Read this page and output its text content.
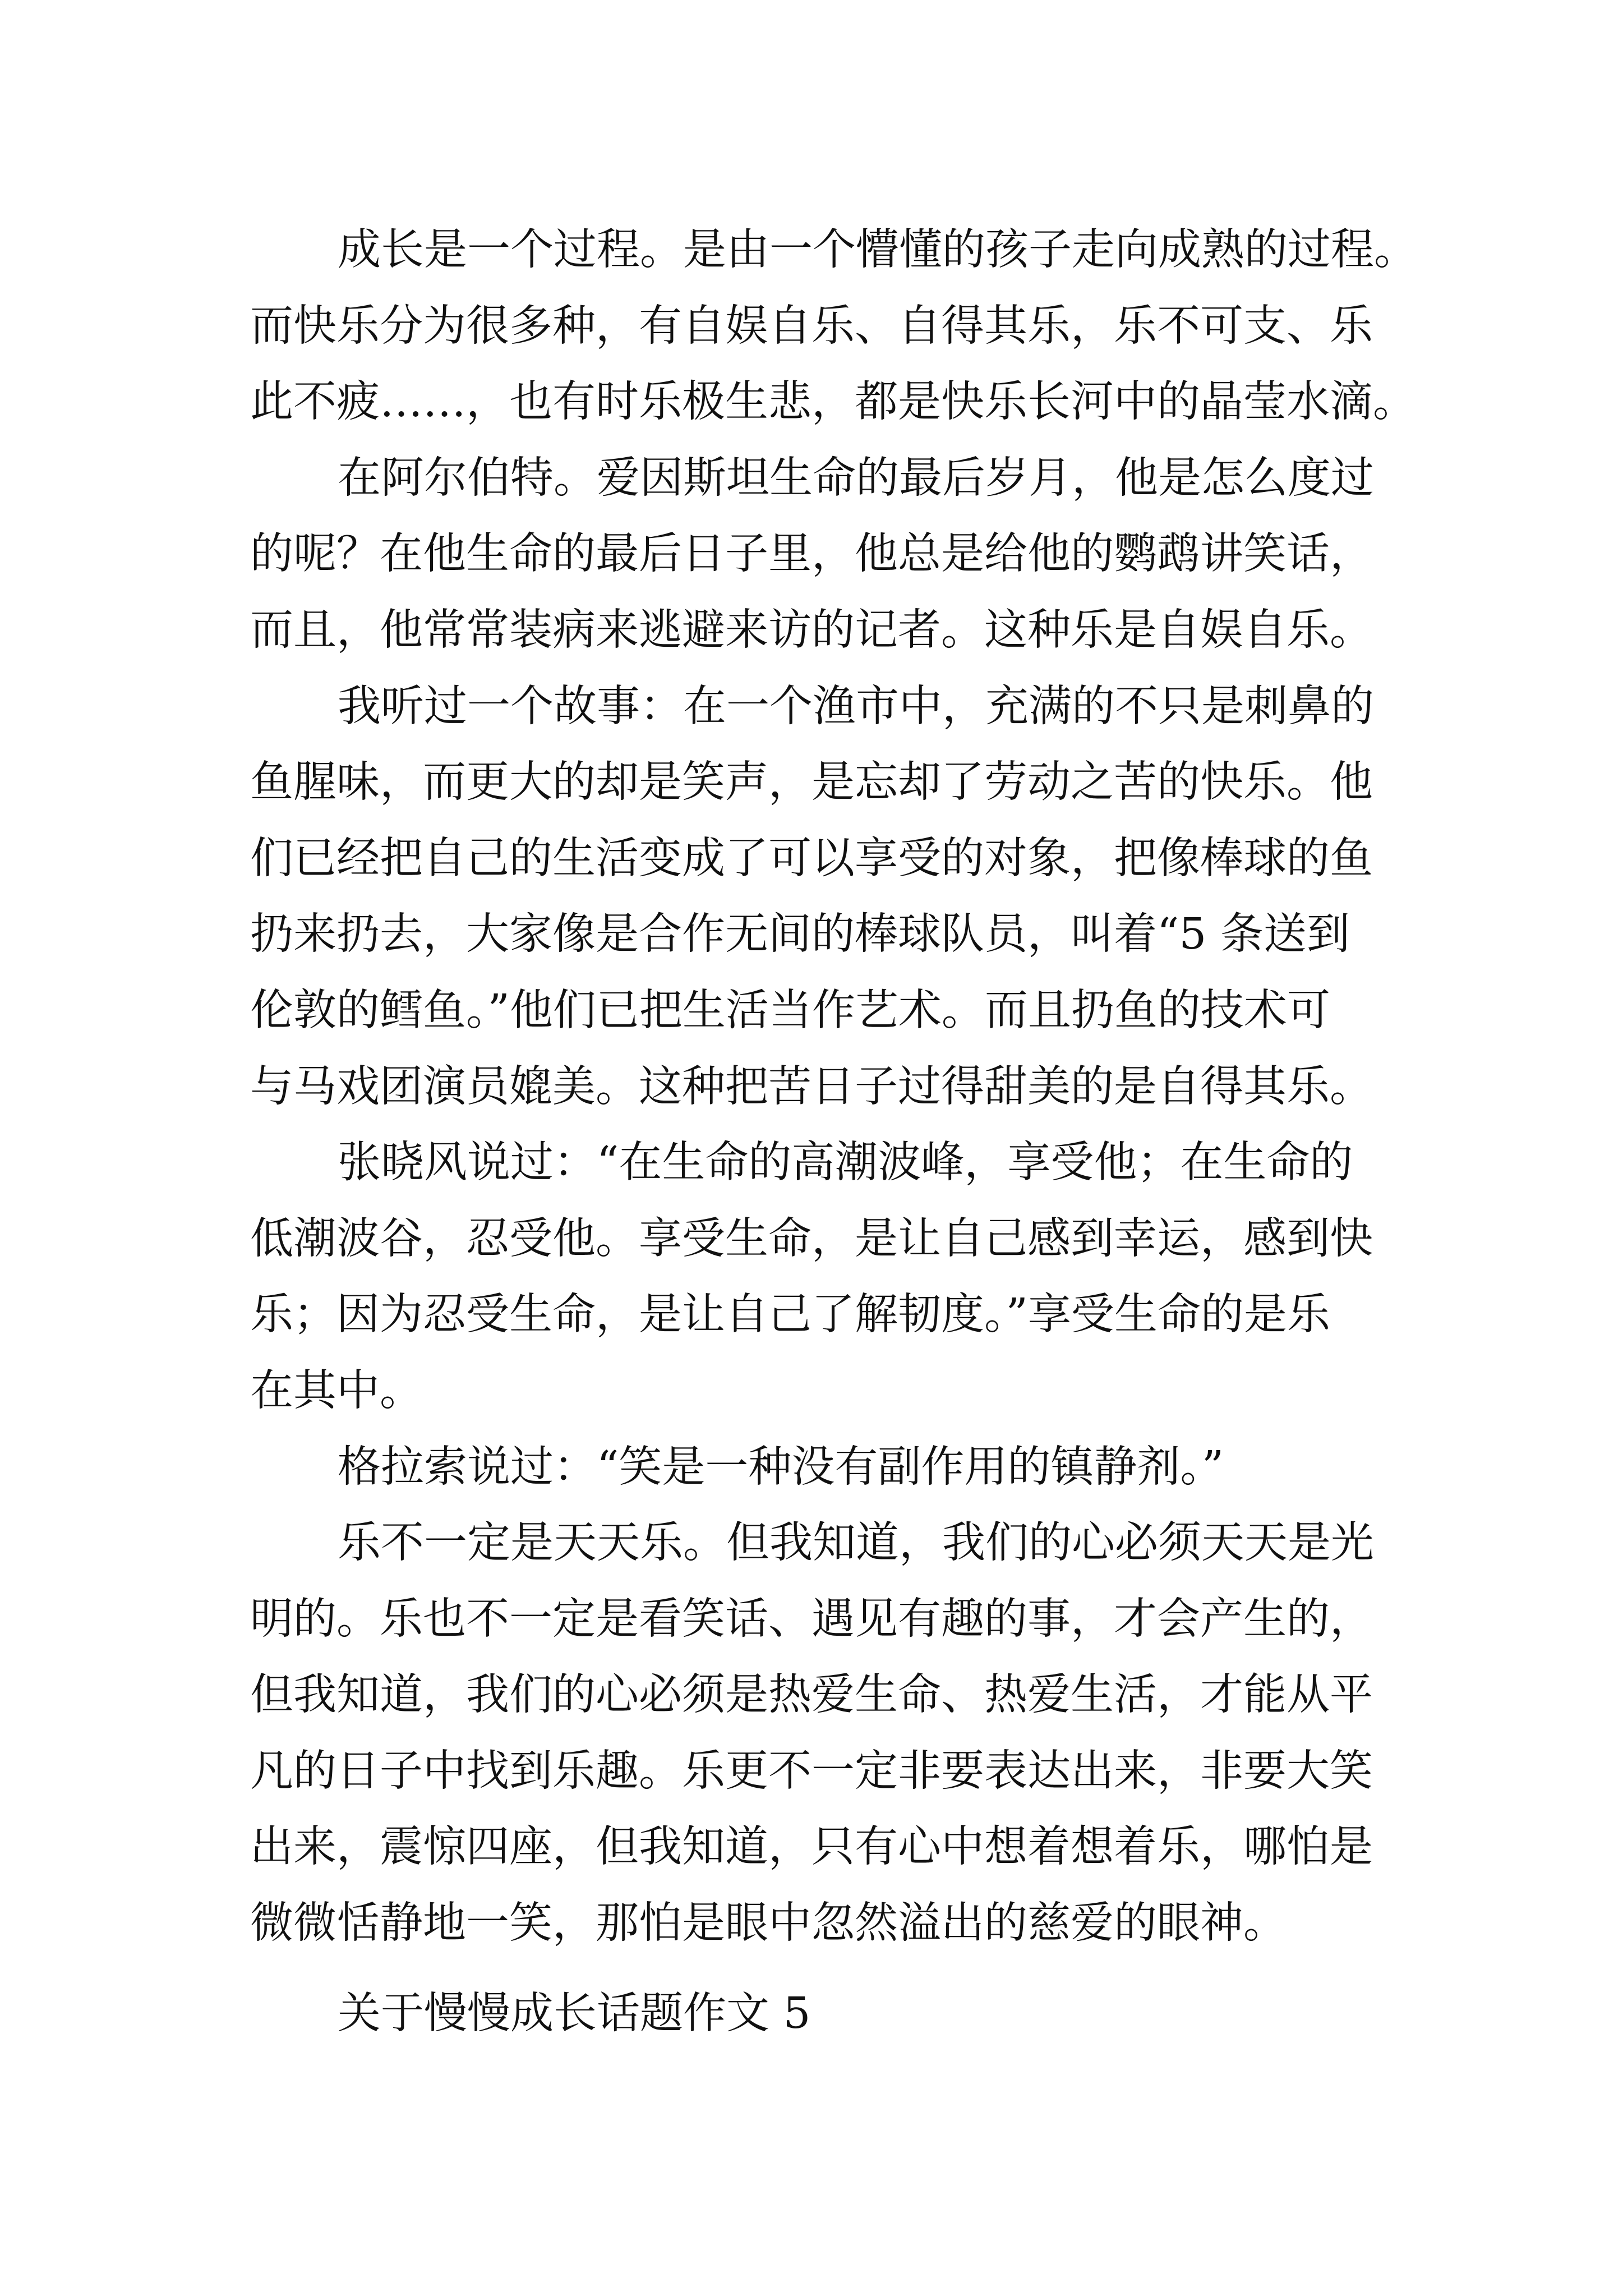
成长是一个过程。是由一个懵懂的孩子走向成熟的过程。
而快乐分为很多种，有自娱自乐、自得其乐，乐不可支、乐
此不疲……，也有时乐极生悲，都是快乐长河中的晶莹水滴。
在阿尔伯特。爱因斯坦生命的最后岁月，他是怎么度过
的呢？在他生命的最后日子里，他总是给他的鹦鹉讲笑话，
而且，他常常装病来逃避来访的记者。这种乐是自娱自乐。
我听过一个故事：在一个渔市中，充满的不只是刺鼻的
鱼腥味，而更大的却是笑声，是忘却了劳动之苦的快乐。他
们已经把自己的生活变成了可以享受的对象，把像棒球的鱼
扔来扔去，大家像是合作无间的棒球队员，叫着“5 条送到
伦敦的鳕鱼。”他们已把生活当作艺术。而且扔鱼的技术可
与马戏团演员媲美。这种把苦日子过得甜美的是自得其乐。
张晓风说过：“在生命的高潮波峰，享受他；在生命的
低潮波谷，忍受他。享受生命，是让自己感到幸运，感到快
乐；因为忍受生命，是让自己了解韧度。”享受生命的是乐
在其中。
格拉索说过：“笑是一种没有副作用的镇静剂。”
乐不一定是天天乐。但我知道，我们的心必须天天是光
明的。乐也不一定是看笑话、遇见有趣的事，才会产生的，
但我知道，我们的心必须是热爱生命、热爱生活，才能从平
凡的日子中找到乐趣。乐更不一定非要表达出来，非要大笑
出来，震惊四座，但我知道，只有心中想着想着乐，哪怕是
微微恬静地一笑，那怕是眼中忽然溢出的慈爱的眼神。
关于慢慢成长话题作文 5
